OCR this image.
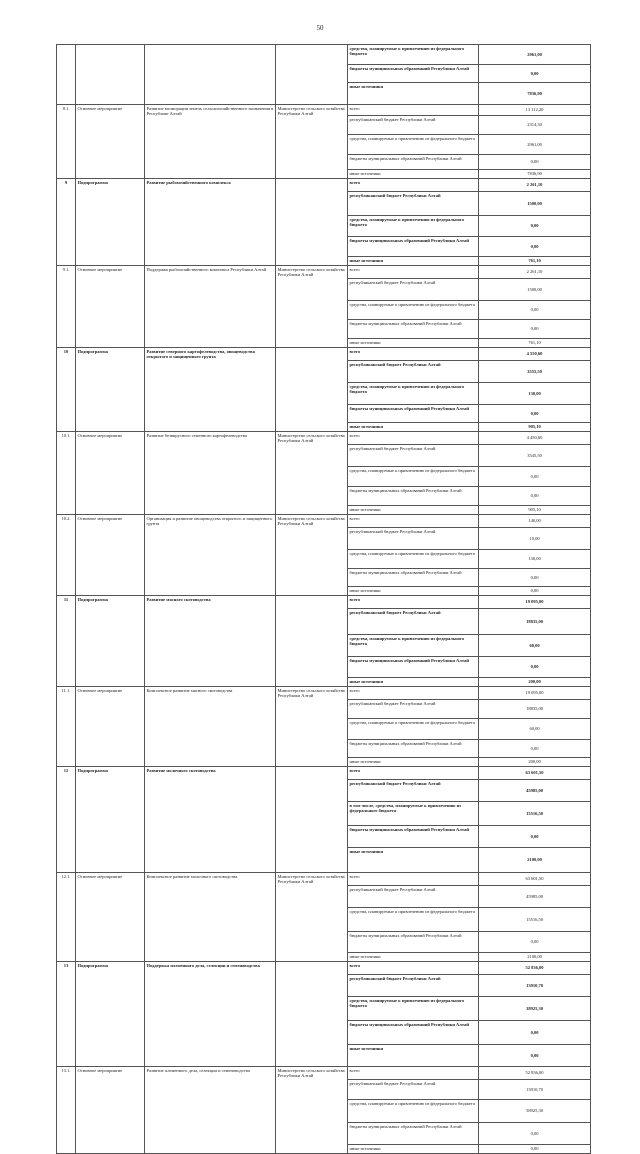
50
				средства, планируемые к привлечению из федерального бюджета	2961,00
				бюджеты муниципальных образований Республики Алтай	0,00
				иные источники	7836,90
8.1.	Основное мероприятие	Развитие мелиорации земель сельскохозяйственного назначения в Республике Алтай	Министерство сельского хозяйства Республики Алтай	всего	13 112,20
				республиканский бюджет Республики Алтай	2314,30
				средства, планируемые к привлечению из федерального бюджета	2961,00
				бюджеты муниципальных образований Республики Алтай	0,00
				иные источники	7836,90
9	Подпрограмма	Развитие рыбохозяйственного комплекса		всего	2 261,10
				республиканский бюджет Республики Алтай	1500,00
				средства, планируемые к привлечению из федерального бюджета	0,00
				бюджеты муниципальных образований Республики Алтай	0,00
				иные источники	761,10
9.1.	Основное мероприятие	Поддержка рыбохозяйственного комплекса Республики Алтай	Министерство сельского хозяйства Республики Алтай	всего	2 261,10
				республиканский бюджет Республики Алтай	1500,00
				средства, планируемые к привлечению из федерального бюджета	0,00
				бюджеты муниципальных образований Республики Алтай	0,00
				иные источники	761,10
10	Подпрограмма	Развитие северного картофелеводства, овощеводства открытого и защищенного грунта		всего	4 550,60
				республиканский бюджет Республики Алтай	3555,50
				средства, планируемые к привлечению из федерального бюджета	130,00
				бюджеты муниципальных образований Республики Алтай	0,00
				иные источники	905,10
10.1.	Основное мероприятие	Развитие безвирусного семенного картофелеводства	Министерство сельского хозяйства Республики Алтай	всего	4 450,60
				республиканский бюджет Республики Алтай	3545,50
				средства, планируемые к привлечению из федерального бюджета	0,00
				бюджеты муниципальных образований Республики Алтай	0,00
				иные источники	905,10
10.2.	Основное мероприятие	Организация и развитие овощеводства открытого и защищенного грунта	Министерство сельского хозяйства Республики Алтай	всего	140,00
				республиканский бюджет Республики Алтай	10,00
				средства, планируемые к привлечению из федерального бюджета	130,00
				бюджеты муниципальных образований Республики Алтай	0,00
				иные источники	0,00
11	Подпрограмма	Развитие мясного скотоводства		всего	19 095,00
				республиканский бюджет Республики Алтай	18835,00
				средства, планируемые к привлечению из федерального бюджета	60,00
				бюджеты муниципальных образований Республики Алтай	0,00
				иные источники	200,00
11.1.	Основное мероприятие	Комплексное развитие мясного скотоводства	Министерство сельского хозяйства Республики Алтай	всего	19 095,00
				республиканский бюджет Республики Алтай	18835,00
				средства, планируемые к привлечению из федерального бюджета	60,00
				бюджеты муниципальных образований Республики Алтай	0,00
				иные источники	200,00
12	Подпрограмма	Развитие молочного скотоводства		всего	63 601,50
				республиканский бюджет Республики Алтай	45985,00
				в том числе, средства, планируемые к привлечению из федерального бюджета	15516,50
				бюджеты муниципальных образований Республики Алтай	0,00
				иные источники	2100,00
12.1.	Основное мероприятие	Комплексное развитие молочного скотоводства	Министерство сельского хозяйства Республики Алтай	всего	63 601,50
				республиканский бюджет Республики Алтай	45985,00
				средства, планируемые к привлечению из федерального бюджета	15516,50
				бюджеты муниципальных образований Республики Алтай	0,00
				иные источники	2100,00
13	Подпрограмма	Поддержка племенного дела, селекции и семеноводства		всего	52 836,00
				республиканский бюджет Республики Алтай	13910,70
				средства, планируемые к привлечению из федерального бюджета	38925,30
				бюджеты муниципальных образований Республики Алтай	0,00
				иные источники	0,00
13.1.	Основное мероприятие	Развитие племенного дела, селекции и семеноводства	Министерство сельского хозяйства Республики Алтай	всего	52 836,00
				республиканский бюджет Республики Алтай	13910,70
				средства, планируемые к привлечению из федерального бюджета	38925,30
				бюджеты муниципальных образований Республики Алтай	0,00
				иные источники	0,00
